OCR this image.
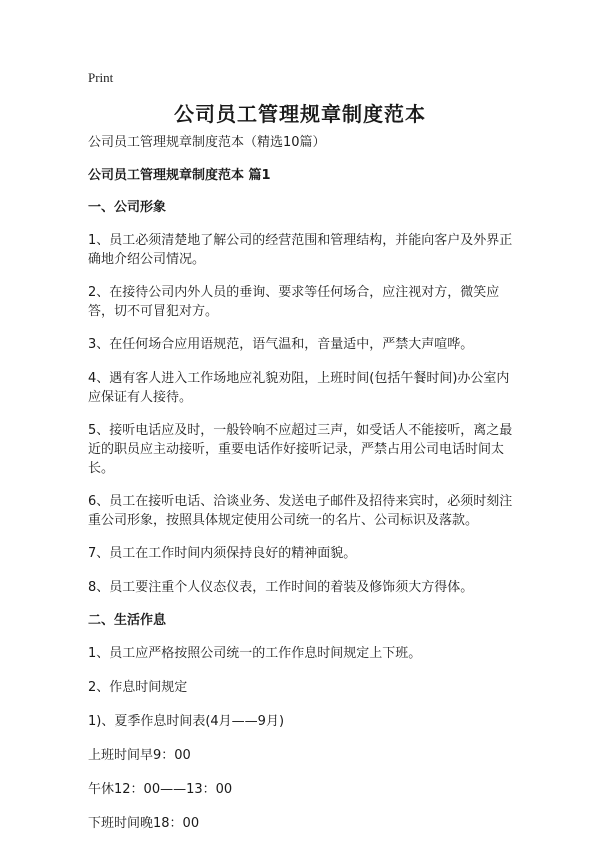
Print
公司员工管理规章制度范本

公司员工管理规章制度范本（精选10篇）

公司员工管理规章制度范本 篇1

一、公司形象

1、员工必须清楚地了解公司的经营范围和管理结构，并能向客户及外界正确地介绍公司情况。

2、在接待公司内外人员的垂询、要求等任何场合，应注视对方，微笑应答，切不可冒犯对方。

3、在任何场合应用语规范，语气温和，音量适中，严禁大声喧哗。

4、遇有客人进入工作场地应礼貌劝阻，上班时间(包括午餐时间)办公室内应保证有人接待。

5、接听电话应及时，一般铃响不应超过三声，如受话人不能接听，离之最近的职员应主动接听，重要电话作好接听记录，严禁占用公司电话时间太长。

6、员工在接听电话、洽谈业务、发送电子邮件及招待来宾时，必须时刻注重公司形象，按照具体规定使用公司统一的名片、公司标识及落款。

7、员工在工作时间内须保持良好的精神面貌。

8、员工要注重个人仪态仪表，工作时间的着装及修饰须大方得体。

二、生活作息

1、员工应严格按照公司统一的工作作息时间规定上下班。

2、作息时间规定

1)、夏季作息时间表(4月——9月)

上班时间早9：00

午休12：00——13：00

下班时间晚18：00
